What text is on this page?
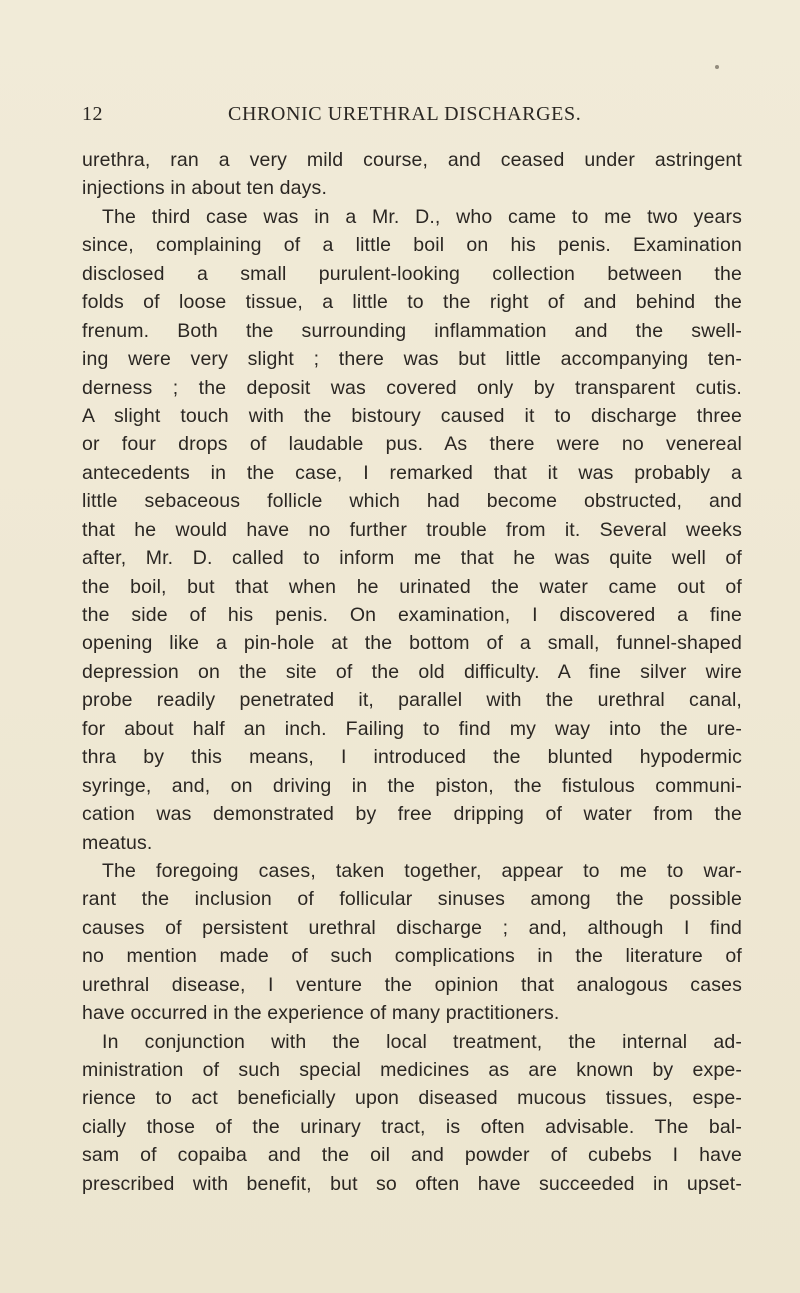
12	CHRONIC URETHRAL DISCHARGES.
urethra, ran a very mild course, and ceased under astringent
injections in about ten days.
The third case was in a Mr. D., who came to me two years
since, complaining of a little boil on his penis. Examination
disclosed a small purulent-looking collection between the
folds of loose tissue, a little to the right of and behind the
frenum. Both the surrounding inflammation and the swell-
ing were very slight ; there was but little accompanying ten-
derness ; the deposit was covered only by transparent cutis.
A slight touch with the bistoury caused it to discharge three
or four drops of laudable pus. As there were no venereal
antecedents in the case, I remarked that it was probably a
little sebaceous follicle which had become obstructed, and
that he would have no further trouble from it. Several weeks
after, Mr. D. called to inform me that he was quite well of
the boil, but that when he urinated the water came out of
the side of his penis. On examination, I discovered a fine
opening like a pin-hole at the bottom of a small, funnel-shaped
depression on the site of the old difficulty. A fine silver wire
probe readily penetrated it, parallel with the urethral canal,
for about half an inch. Failing to find my way into the ure-
thra by this means, I introduced the blunted hypodermic
syringe, and, on driving in the piston, the fistulous communi-
cation was demonstrated by free dripping of water from the
meatus.
The foregoing cases, taken together, appear to me to war-
rant the inclusion of follicular sinuses among the possible
causes of persistent urethral discharge ; and, although I find
no mention made of such complications in the literature of
urethral disease, I venture the opinion that analogous cases
have occurred in the experience of many practitioners.
In conjunction with the local treatment, the internal ad-
ministration of such special medicines as are known by expe-
rience to act beneficially upon diseased mucous tissues, espe-
cially those of the urinary tract, is often advisable. The bal-
sam of copaiba and the oil and powder of cubebs I have
prescribed with benefit, but so often have succeeded in upset-
